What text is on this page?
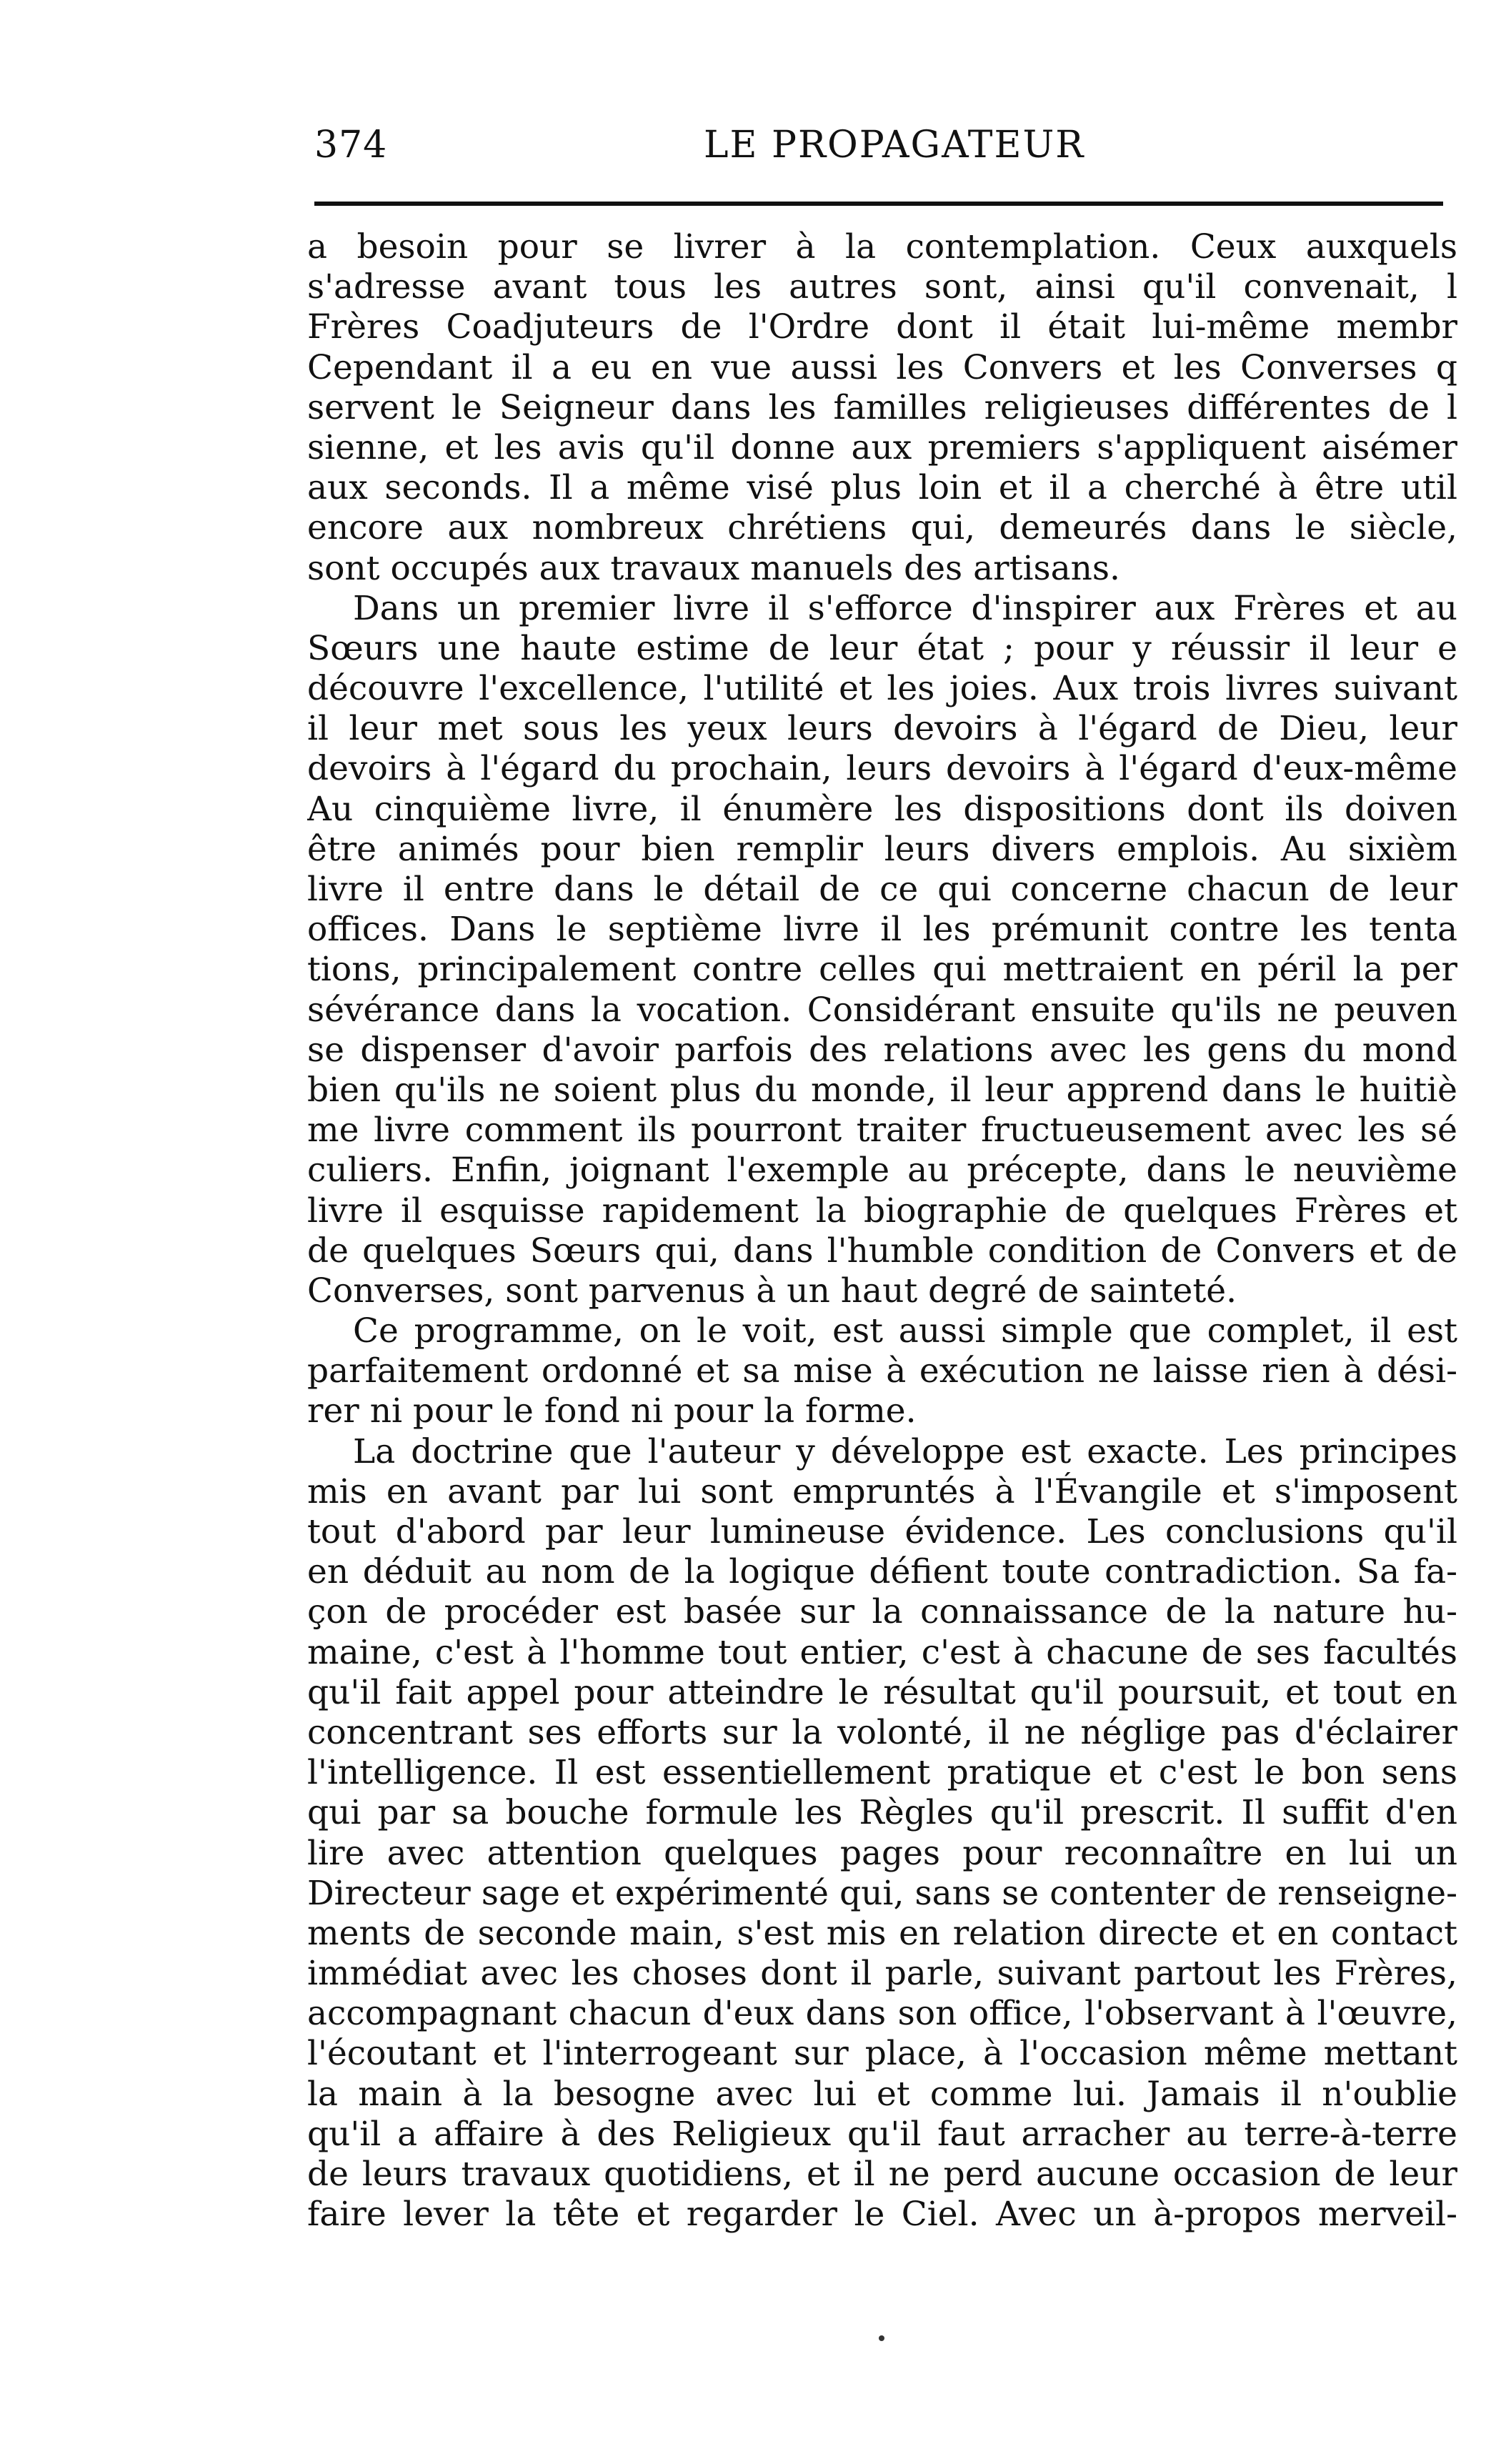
374	LE PROPAGATEUR
a besoin pour se livrer à la contemplation. Ceux auxquels
s'adresse avant tous les autres sont, ainsi qu'il convenait, l
Frères Coadjuteurs de l'Ordre dont il était lui-même membr
Cependant il a eu en vue aussi les Convers et les Converses q
servent le Seigneur dans les familles religieuses différentes de l
sienne, et les avis qu'il donne aux premiers s'appliquent aisémer
aux seconds. Il a même visé plus loin et il a cherché à être util
encore aux nombreux chrétiens qui, demeurés dans le siècle,
sont occupés aux travaux manuels des artisans.
Dans un premier livre il s'efforce d'inspirer aux Frères et au
Sœurs une haute estime de leur état ; pour y réussir il leur e
découvre l'excellence, l'utilité et les joies. Aux trois livres suivant
il leur met sous les yeux leurs devoirs à l'égard de Dieu, leur
devoirs à l'égard du prochain, leurs devoirs à l'égard d'eux-même
Au cinquième livre, il énumère les dispositions dont ils doiven
être animés pour bien remplir leurs divers emplois. Au sixièm
livre il entre dans le détail de ce qui concerne chacun de leur
offices. Dans le septième livre il les prémunit contre les tenta
tions, principalement contre celles qui mettraient en péril la per
sévérance dans la vocation. Considérant ensuite qu'ils ne peuven
se dispenser d'avoir parfois des relations avec les gens du mond
bien qu'ils ne soient plus du monde, il leur apprend dans le huitiè
me livre comment ils pourront traiter fructueusement avec les sé
culiers. Enfin, joignant l'exemple au précepte, dans le neuvième
livre il esquisse rapidement la biographie de quelques Frères et
de quelques Sœurs qui, dans l'humble condition de Convers et de
Converses, sont parvenus à un haut degré de sainteté.
Ce programme, on le voit, est aussi simple que complet, il est
parfaitement ordonné et sa mise à exécution ne laisse rien à dési-
rer ni pour le fond ni pour la forme.
La doctrine que l'auteur y développe est exacte. Les principes
mis en avant par lui sont empruntés à l'Évangile et s'imposent
tout d'abord par leur lumineuse évidence. Les conclusions qu'il
en déduit au nom de la logique défient toute contradiction. Sa fa-
çon de procéder est basée sur la connaissance de la nature hu-
maine, c'est à l'homme tout entier, c'est à chacune de ses facultés
qu'il fait appel pour atteindre le résultat qu'il poursuit, et tout en
concentrant ses efforts sur la volonté, il ne néglige pas d'éclairer
l'intelligence. Il est essentiellement pratique et c'est le bon sens
qui par sa bouche formule les Règles qu'il prescrit. Il suffit d'en
lire avec attention quelques pages pour reconnaître en lui un
Directeur sage et expérimenté qui, sans se contenter de renseigne-
ments de seconde main, s'est mis en relation directe et en contact
immédiat avec les choses dont il parle, suivant partout les Frères,
accompagnant chacun d'eux dans son office, l'observant à l'œuvre,
l'écoutant et l'interrogeant sur place, à l'occasion même mettant
la main à la besogne avec lui et comme lui. Jamais il n'oublie
qu'il a affaire à des Religieux qu'il faut arracher au terre-à-terre
de leurs travaux quotidiens, et il ne perd aucune occasion de leur
faire lever la tête et regarder le Ciel. Avec un à-propos merveil-
